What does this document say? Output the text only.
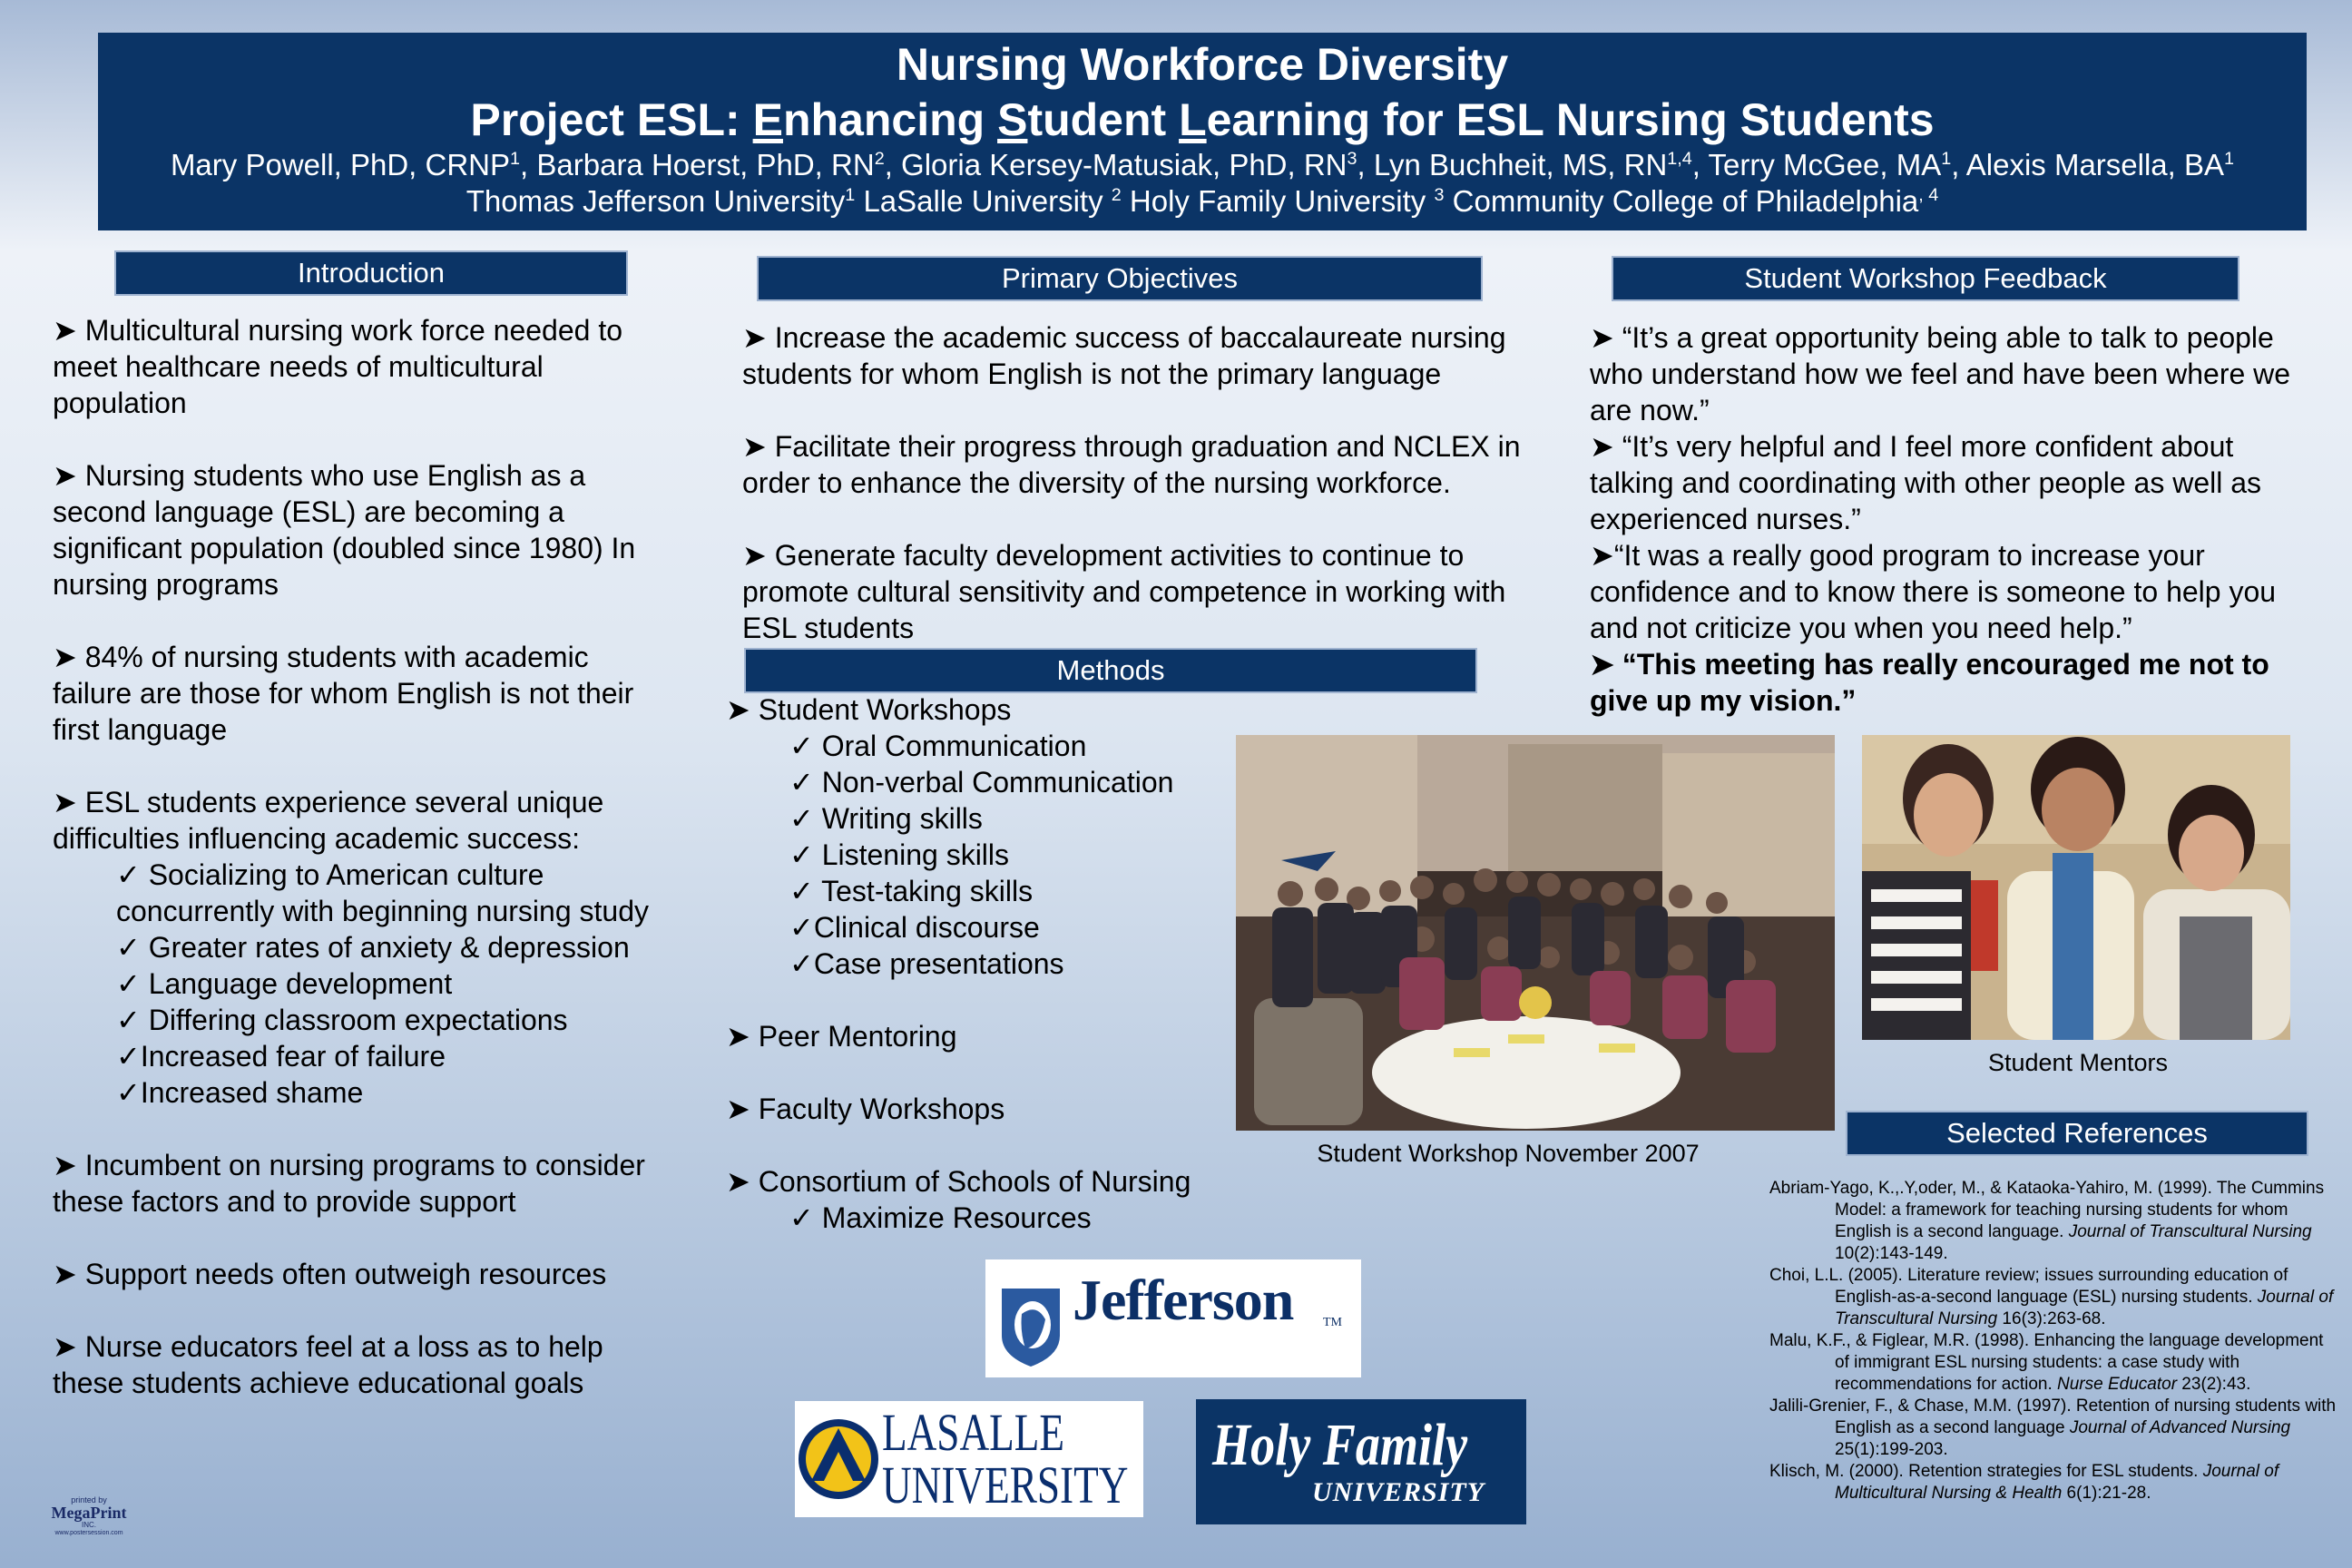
Nursing Workforce Diversity
Project ESL: Enhancing Student Learning for ESL Nursing Students
Mary Powell, PhD, CRNP$^1$, Barbara Hoerst, PhD, $RN^2$, Gloria Kersey-Matusiak, PhD, $RN^3$, Lyn Buchheit, MS, RN$^{1,4}$, Terry McGee, $MA^1$, Alexis Marsella, $BA^1$
Thomas Jefferson University$^1$ LaSalle University $^2$ Holy Family University $^3$ Community College of Philadelphia$^{, 4}$
Introduction	Primary Objectives	Student Workshop Feedback
Methods
Selected References

➤ Multicultural nursing work force needed to meet healthcare needs of multicultural population

➤ Nursing students who use English as a second language (ESL) are becoming a significant population (doubled since 1980) In nursing programs

➤ 84% of nursing students with academic failure are those for whom English is not their first language

➤ ESL students experience several unique difficulties influencing academic success:
✓ Socializing to American culture concurrently with beginning nursing study
✓ Greater rates of anxiety & depression
✓ Language development
✓ Differing classroom expectations
✓Increased fear of failure
✓Increased shame

➤ Incumbent on nursing programs to consider these factors and to provide support

➤ Support needs often outweigh resources

➤ Nurse educators feel at a loss as to help these students achieve educational goals

➤ Increase the academic success of baccalaureate nursing students for whom English is not the primary language

➤ Facilitate their progress through graduation and NCLEX in order to enhance the diversity of the nursing workforce.

➤ Generate faculty development activities to continue to promote cultural sensitivity and competence in working with ESL students

➤ Student Workshops
✓ Oral Communication
✓ Non-verbal Communication
✓ Writing skills
✓ Listening skills
✓ Test-taking skills
✓Clinical discourse
✓Case presentations

➤ Peer Mentoring

➤ Faculty Workshops

➤ Consortium of Schools of Nursing
✓ Maximize Resources
➤ “It’s a great opportunity being able to talk to people who understand how we feel and have been where we are now.”
➤ “It’s very helpful and I feel more confident about talking and coordinating with other people as well as experienced nurses.”
➤“It was a really good program to increase your confidence and to know there is someone to help you and not criticize you when you need help.”
➤ “This meeting has really encouraged me not to give up my vision.”
Student Workshop November 2007
Student Mentors
Abriam-Yago, K.,.Y,oder, M., & Kataoka-Yahiro, M. (1999). The Cummins Model: a framework for teaching nursing students for whom English is a second language. Journal of Transcultural Nursing 10(2):143-149.
Choi, L.L. (2005). Literature review; issues surrounding education of English-as-a-second language (ESL) nursing students. Journal of Transcultural Nursing 16(3):263-68.
Malu, K.F., & Figlear, M.R. (1998). Enhancing the language development of immigrant ESL nursing students: a case study with recommendations for action. Nurse Educator 23(2):43.
Jalili-Grenier, F., & Chase, M.M. (1997). Retention of nursing students with English as a second language Journal of Advanced Nursing 25(1):199-203.
Klisch, M. (2000). Retention strategies for ESL students. Journal of Multicultural Nursing & Health 6(1):21-28.
Jefferson TM
LASALLE
UNIVERSITY
Holy Family
UNIVERSITY
printed by
MegaPrint
INC.
www.postersession.com
